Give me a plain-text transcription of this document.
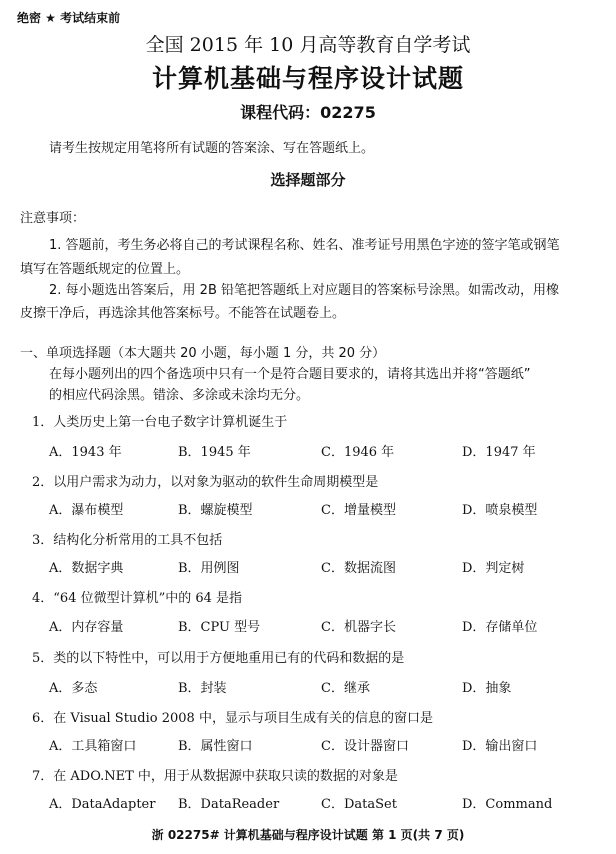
绝密 ★ 考试结束前
全国 2015 年 10 月高等教育自学考试
计算机基础与程序设计试题
课程代码：02275
请考生按规定用笔将所有试题的答案涂、写在答题纸上。
选择题部分
注意事项：
1. 答题前，考生务必将自己的考试课程名称、姓名、准考证号用黑色字迹的签字笔或钢笔
填写在答题纸规定的位置上。
2. 每小题选出答案后，用 2B 铅笔把答题纸上对应题目的答案标号涂黑。如需改动，用橡
皮擦干净后，再选涂其他答案标号。不能答在试题卷上。
一、单项选择题（本大题共 20 小题，每小题 1 分，共 20 分）
在每小题列出的四个备选项中只有一个是符合题目要求的，请将其选出并将“答题纸”
的相应代码涂黑。错涂、多涂或未涂均无分。
1．人类历史上第一台电子数字计算机诞生于
A．1943 年	B．1945 年	C．1946 年	D．1947 年
2．以用户需求为动力，以对象为驱动的软件生命周期模型是
A．瀑布模型	B．螺旋模型	C．增量模型	D．喷泉模型
3．结构化分析常用的工具不包括
A．数据字典	B．用例图	C．数据流图	D．判定树
4．“64 位微型计算机”中的 64 是指
A．内存容量	B．CPU 型号	C．机器字长	D．存储单位
5．类的以下特性中，可以用于方便地重用已有的代码和数据的是
A．多态	B．封装	C．继承	D．抽象
6．在 Visual Studio 2008 中，显示与项目生成有关的信息的窗口是
A．工具箱窗口	B．属性窗口	C．设计器窗口	D．输出窗口
7．在 ADO.NET 中，用于从数据源中获取只读的数据的对象是
A．DataAdapter B．DataReader	C．DataSet	D．Command
浙 02275# 计算机基础与程序设计试题 第 1 页(共 7 页)
